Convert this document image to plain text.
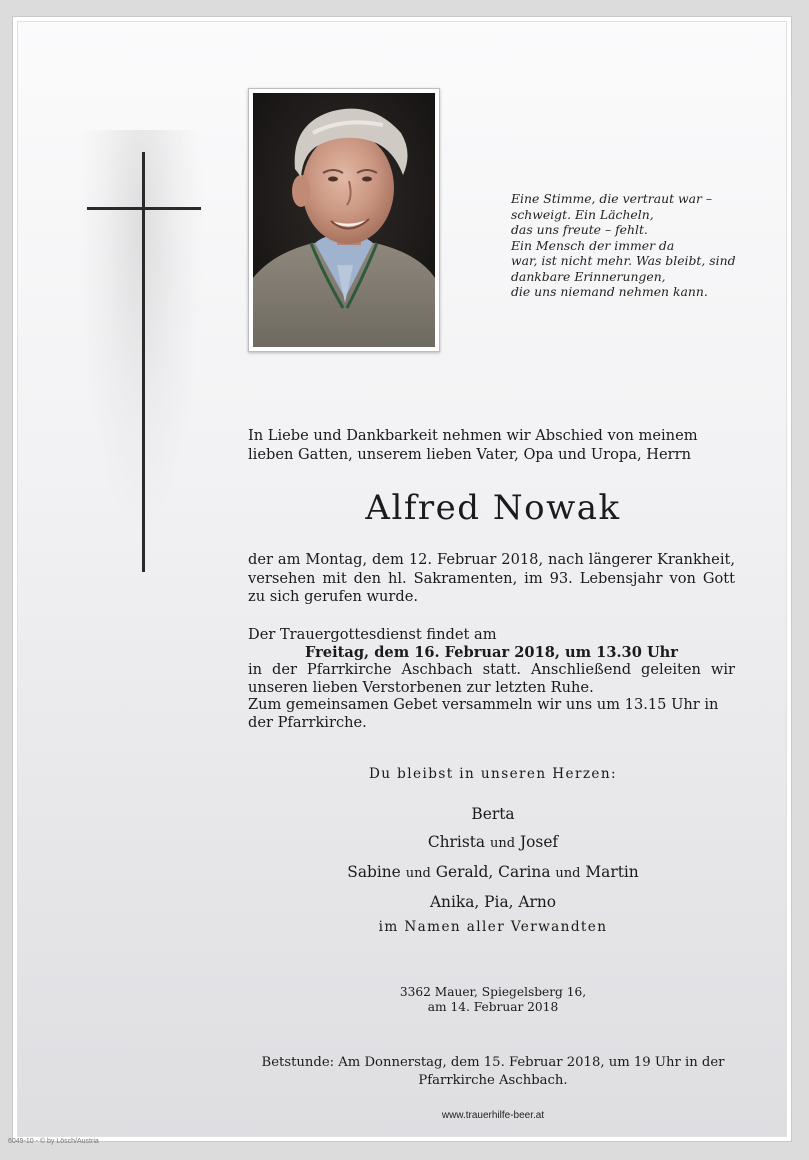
Eine Stimme, die vertraut war –
schweigt. Ein Lächeln,
das uns freute – fehlt.
Ein Mensch der immer da
war, ist nicht mehr. Was bleibt, sind
dankbare Erinnerungen,
die uns niemand nehmen kann.
In Liebe und Dankbarkeit nehmen wir Abschied von meinem lieben Gatten, unserem lieben Vater, Opa und Uropa, Herrn
Alfred Nowak
der am Montag, dem 12. Februar 2018, nach längerer Krankheit, versehen mit den hl. Sakramenten, im 93. Lebensjahr von Gott zu sich gerufen wurde.
Der Trauergottesdienst findet am
Freitag, dem 16. Februar 2018, um 13.30 Uhr
in der Pfarrkirche Aschbach statt. Anschließend geleiten wir unseren lieben Verstorbenen zur letzten Ruhe.
Zum gemeinsamen Gebet versammeln wir uns um 13.15 Uhr in der Pfarrkirche.
Du bleibst in unseren Herzen:
Berta
Christa und Josef
Sabine und Gerald, Carina und Martin
Anika, Pia, Arno
im Namen aller Verwandten
3362 Mauer, Spiegelsberg 16,
am 14. Februar 2018
Betstunde: Am Donnerstag, dem 15. Februar 2018, um 19 Uhr in der
Pfarrkirche Aschbach.
www.trauerhilfe-beer.at
6049-10 - © by Lösch/Austria
